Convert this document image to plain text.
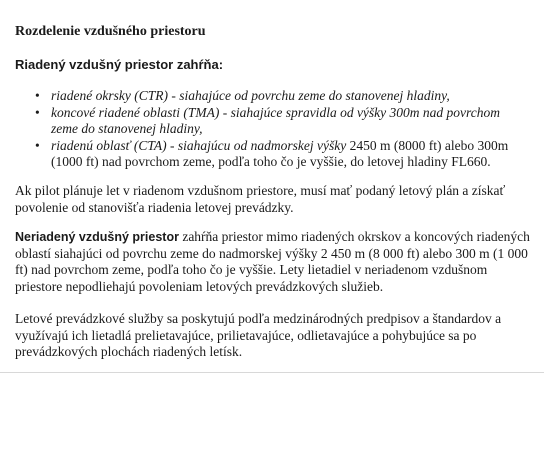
Rozdelenie vzdušného priestoru
Riadený vzdušný priestor zahŕňa:
• riadené okrsky (CTR) - siahajúce od povrchu zeme do stanovenej hladiny,
• koncové riadené oblasti (TMA) - siahajúce spravidla od výšky 300m nad povrchom zeme do stanovenej hladiny,
• riadenú oblasť (CTA) - siahajúcu od nadmorskej výšky 2450 m (8000 ft) alebo 300m (1000 ft) nad povrchom zeme, podľa toho čo je vyššie, do letovej hladiny FL660.

Ak pilot plánuje let v riadenom vzdušnom priestore, musí mať podaný letový plán a získať povolenie od stanovišťa riadenia letovej prevádzky.

Neriadený vzdušný priestor zahŕňa priestor mimo riadených okrskov a koncových riadených oblastí siahajúci od povrchu zeme do nadmorskej výšky 2 450 m (8 000 ft) alebo 300 m (1 000 ft) nad povrchom zeme, podľa toho čo je vyššie. Lety lietadiel v neriadenom vzdušnom priestore nepodliehajú povoleniam letových prevádzkových služieb.

Letové prevádzkové služby sa poskytujú podľa medzinárodných predpisov a štandardov a využívajú ich lietadlá prelietavajúce, prilietavajúce, odlietavajúce a pohybujúce sa po prevádzkových plochách riadených letísk.
